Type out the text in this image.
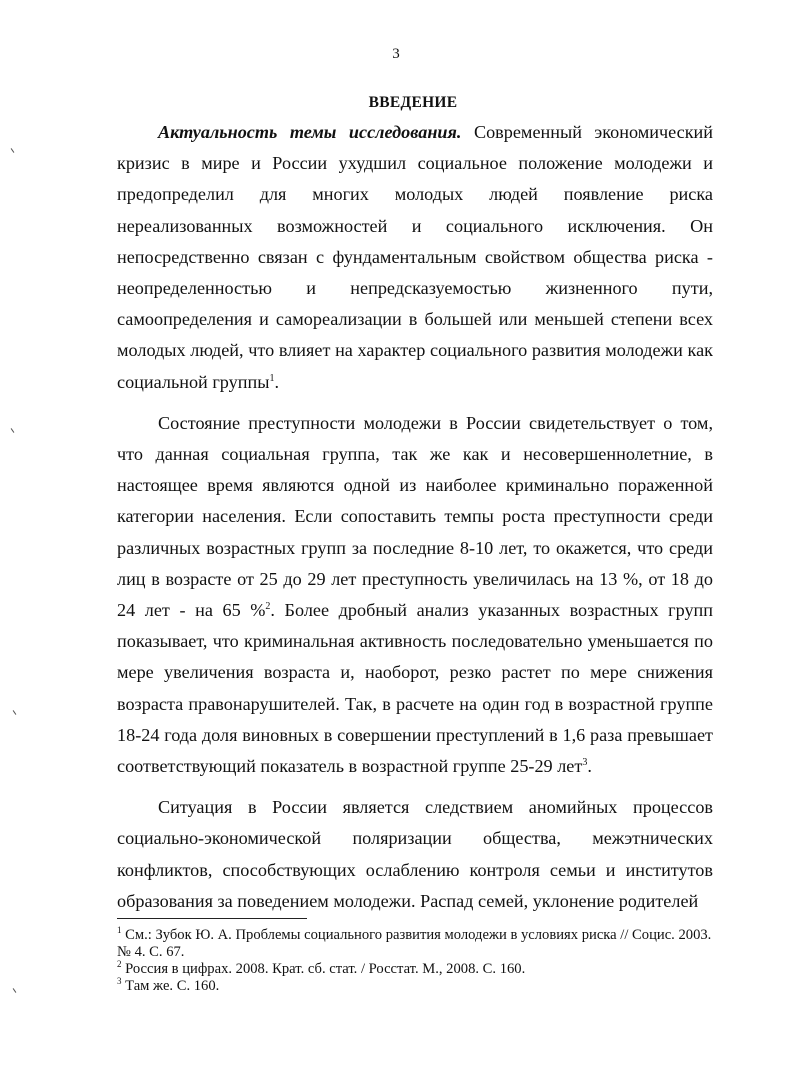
3
ВВЕДЕНИЕ

Актуальность темы исследования. Современный экономический кризис в мире и России ухудшил социальное положение молодежи и предопределил для многих молодых людей появление риска нереализованных возможностей и социального исключения. Он непосредственно связан с фундаментальным свойством общества риска - неопределенностью и непредсказуемостью жизненного пути, самоопределения и самореализации в большей или меньшей степени всех молодых людей, что влияет на характер социального развития молодежи как социальной группы$^1$.

Состояние преступности молодежи в России свидетельствует о том, что данная социальная группа, так же как и несовершеннолетние, в настоящее время являются одной из наиболее криминально пораженной категории населения. Если сопоставить темпы роста преступности среди различных возрастных групп за последние 8-10 лет, то окажется, что среди лиц в возрасте от 25 до 29 лет преступность увеличилась на 13 %, от 18 до 24 лет - на 65 %$^2$. Более дробный анализ указанных возрастных групп показывает, что криминальная активность последовательно уменьшается по мере увеличения возраста и, наоборот, резко растет по мере снижения возраста правонарушителей. Так, в расчете на один год в возрастной группе 18-24 года доля виновных в совершении преступлений в 1,6 раза превышает соответствующий показатель в возрастной группе 25-29 лет$^3$.

Ситуация в России является следствием аномийных процессов социально-экономической поляризации общества, межэтнических конфликтов, способствующих ослаблению контроля семьи и институтов образования за поведением молодежи. Распад семей, уклонение родителей

$^1$ См.: Зубок Ю. А. Проблемы социального развития молодежи в условиях риска // Социс. 2003. № 4. С. 67.

$^2$ Россия в цифрах. 2008. Крат. сб. стат. / Росстат. М., 2008. С. 160.

$^3$ Там же. С. 160.
